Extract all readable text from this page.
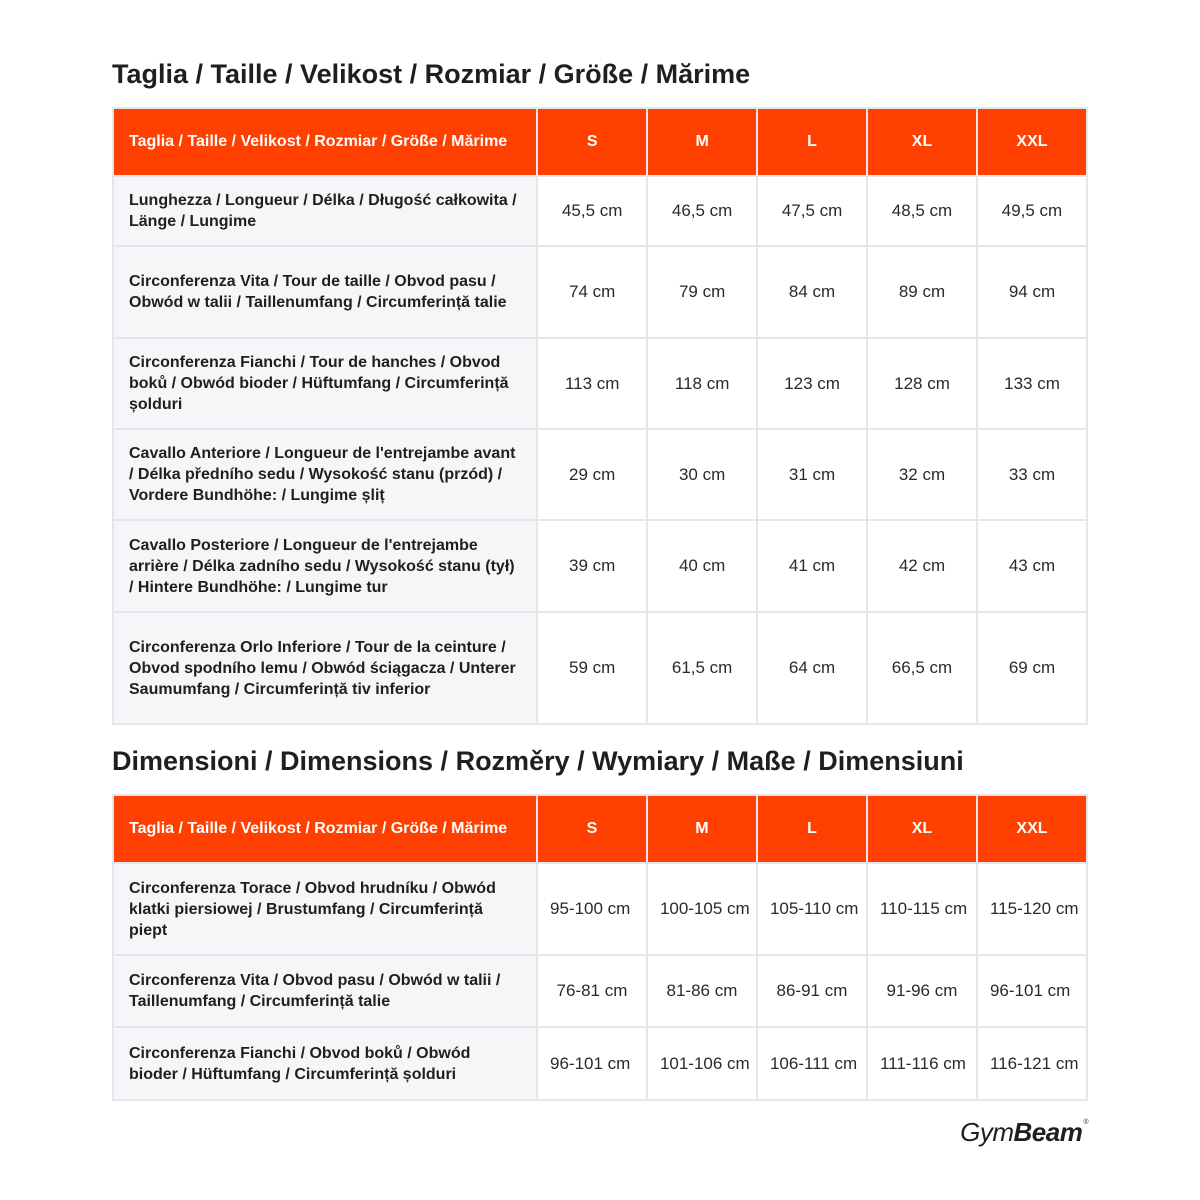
Taglia / Taille / Velikost / Rozmiar / Größe / Mărime
Taglia / Taille / Velikost / Rozmiar / Größe / Mărime	S	M	L	XL	XXL
Lunghezza / Longueur / Délka / Długość całkowita / Länge / Lungime	45,5 cm	46,5 cm	47,5 cm	48,5 cm	49,5 cm
Circonferenza Vita / Tour de taille / Obvod pasu / Obwód w talii / Taillenumfang / Circumferință talie	74 cm	79 cm	84 cm	89 cm	94 cm
Circonferenza Fianchi / Tour de hanches / Obvod boků / Obwód bioder / Hüftumfang / Circumferință șolduri	113 cm	118 cm	123 cm	128 cm	133 cm
Cavallo Anteriore / Longueur de l'entrejambe avant / Délka předního sedu / Wysokość stanu (przód) / Vordere Bundhöhe: / Lungime șliț	29 cm	30 cm	31 cm	32 cm	33 cm
Cavallo Posteriore / Longueur de l'entrejambe arrière / Délka zadního sedu / Wysokość stanu (tył) / Hintere Bundhöhe: / Lungime tur	39 cm	40 cm	41 cm	42 cm	43 cm
Circonferenza Orlo Inferiore / Tour de la ceinture / Obvod spodního lemu / Obwód ściągacza / Unterer Saumumfang / Circumferință tiv inferior	59 cm	61,5 cm	64 cm	66,5 cm	69 cm
Dimensioni / Dimensions / Rozměry / Wymiary / Maße / Dimensiuni
Taglia / Taille / Velikost / Rozmiar / Größe / Mărime	S	M	L	XL	XXL
Circonferenza Torace / Obvod hrudníku / Obwód klatki piersiowej / Brustumfang / Circumferință piept	95-100 cm	100-105 cm	105-110 cm	110-115 cm	115-120 cm
Circonferenza Vita / Obvod pasu / Obwód w talii / Taillenumfang / Circumferință talie	76-81 cm	81-86 cm	86-91 cm	91-96 cm	96-101 cm
Circonferenza Fianchi / Obvod boků / Obwód bioder / Hüftumfang / Circumferință șolduri	96-101 cm	101-106 cm	106-111 cm	111-116 cm	116-121 cm
GymBeam®
